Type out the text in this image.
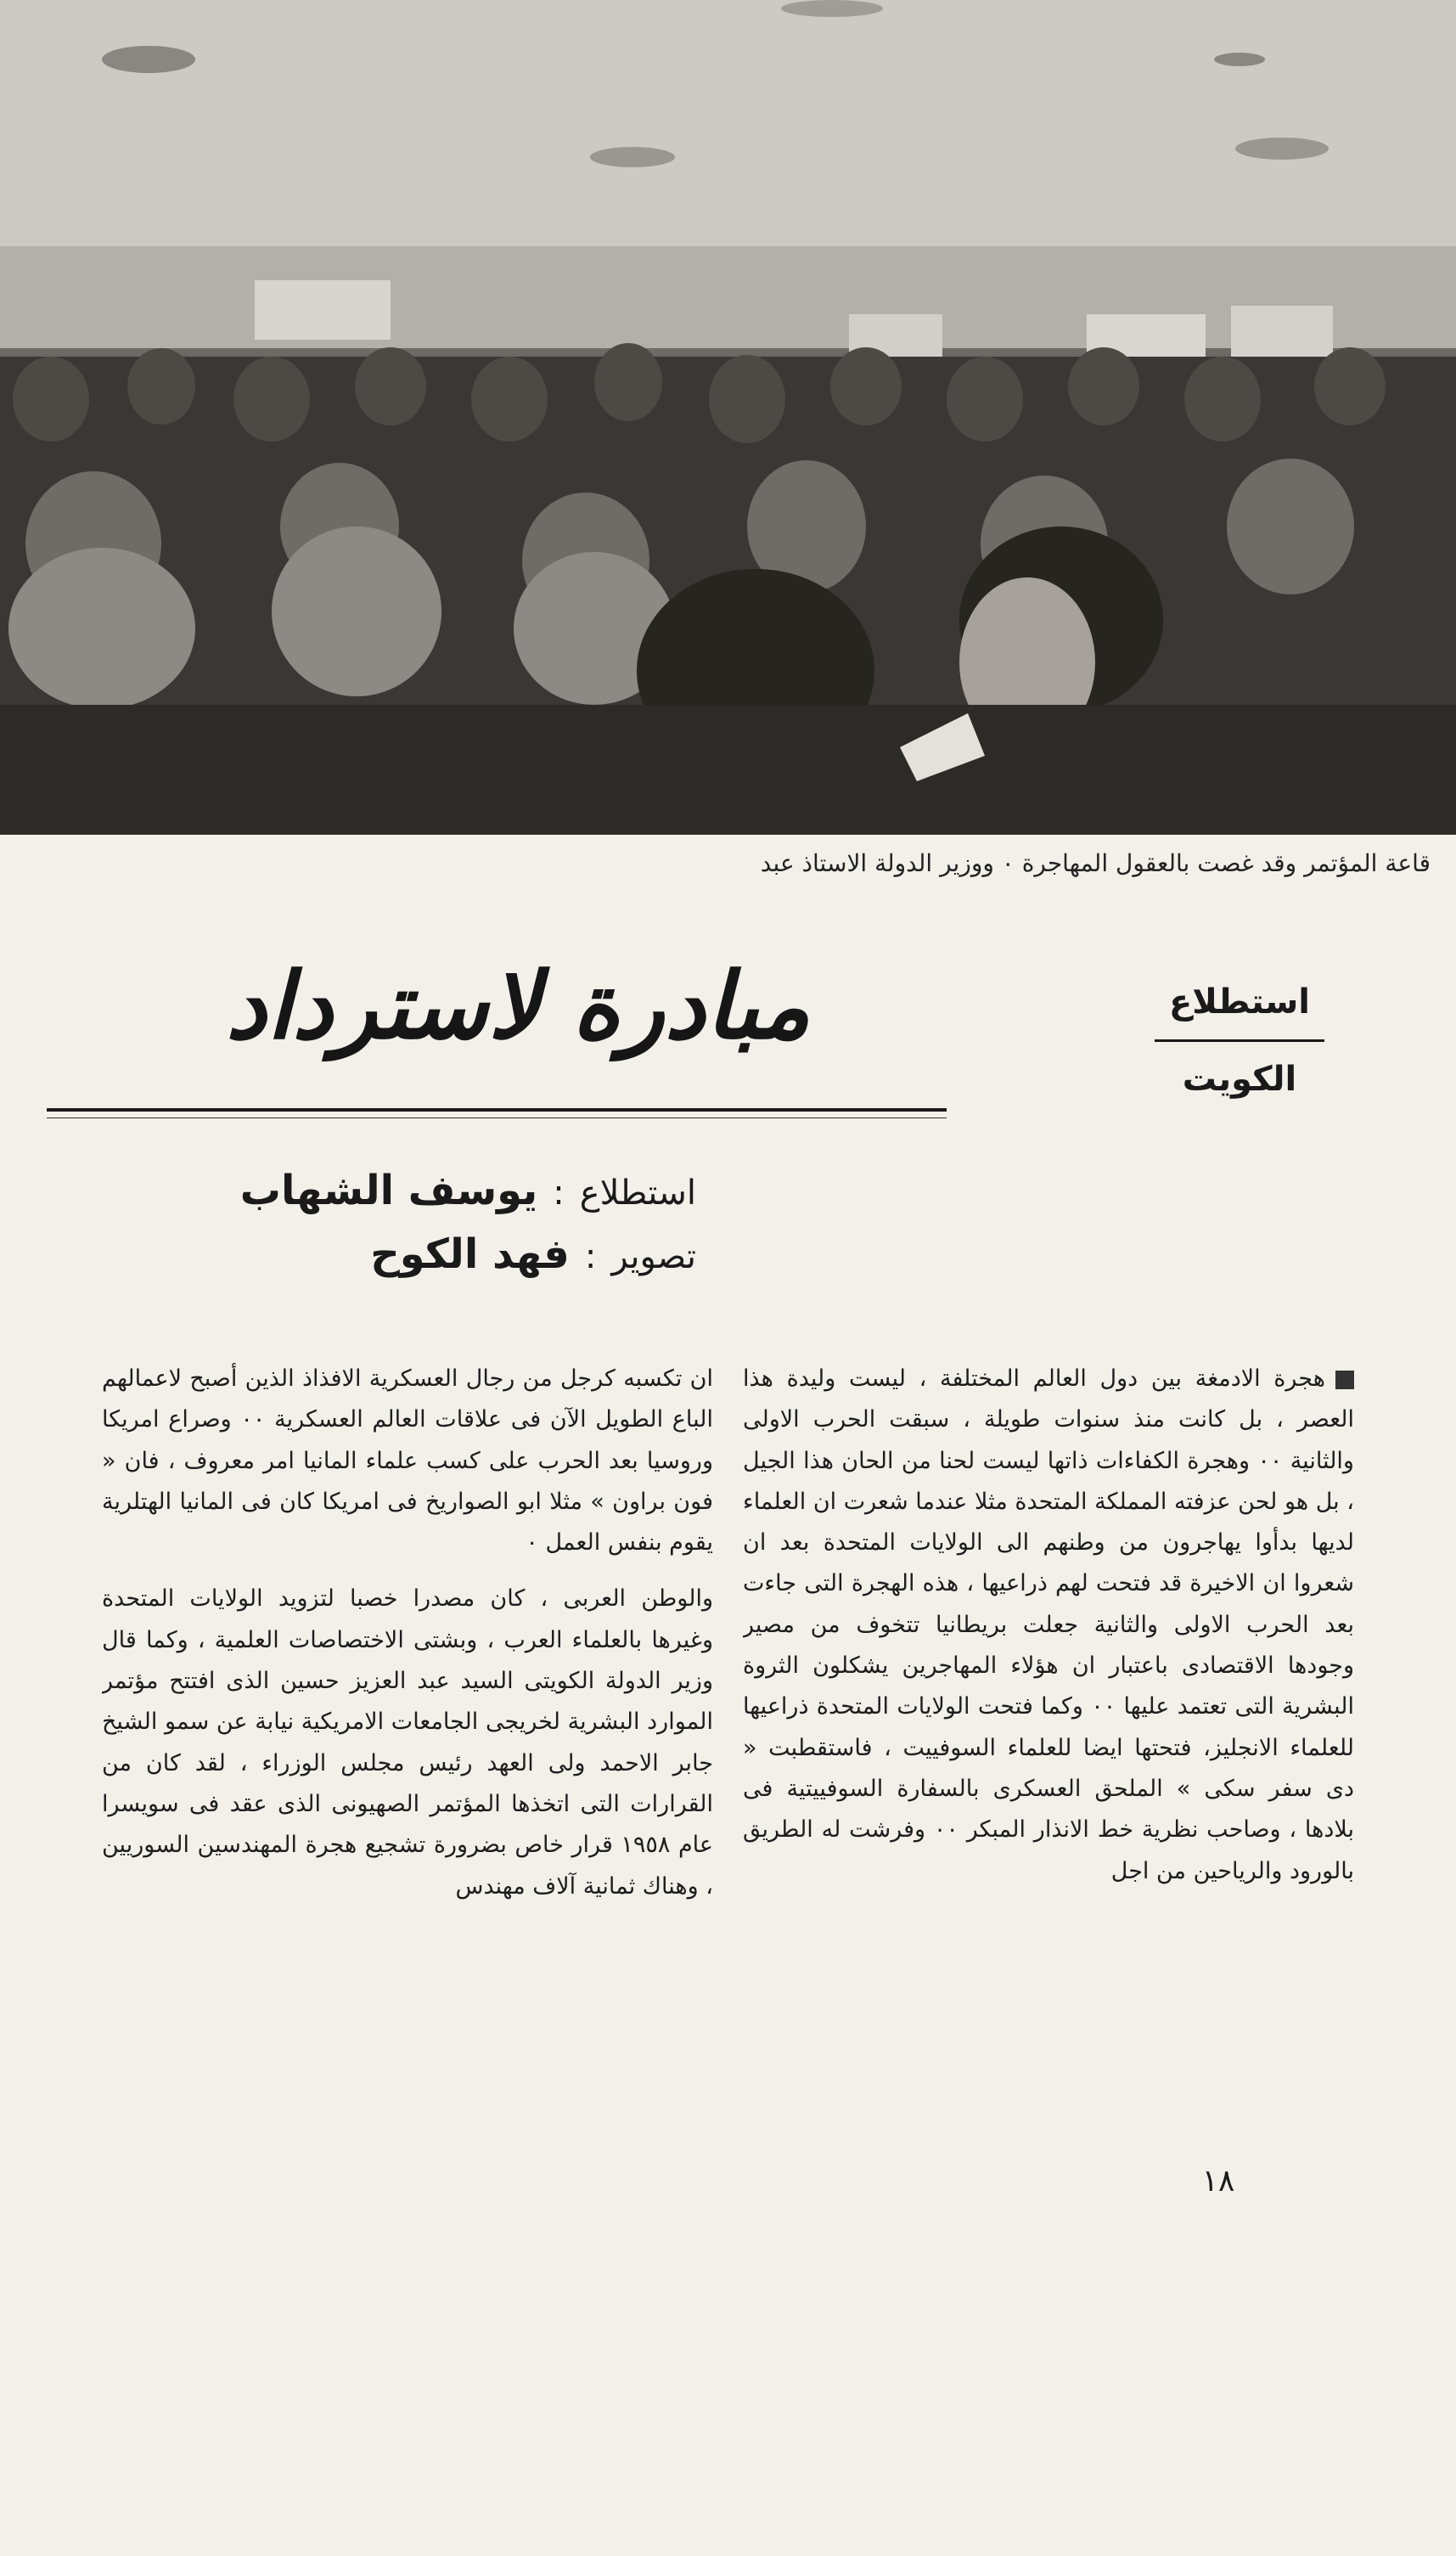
قاعة المؤتمر وقد غصت بالعقول المهاجرة ٠ ووزير الدولة الاستاذ عبد
مبادرة لاسترداد	استطلاع
الكويت
استطلاع:يوسف الشهاب
تصوير:فهد الكوح

هجرة الادمغة بين دول العالم المختلفة ، ليست وليدة هذا العصر ، بل كانت منذ سنوات طويلة ، سبقت الحرب الاولى والثانية ٠٠ وهجرة الكفاءات ذاتها ليست لحنا من الحان هذا الجيل ، بل هو لحن عزفته المملكة المتحدة مثلا عندما شعرت ان العلماء لديها بدأوا يهاجرون من وطنهم الى الولايات المتحدة بعد ان شعروا ان الاخيرة قد فتحت لهم ذراعيها ، هذه الهجرة التى جاءت بعد الحرب الاولى والثانية جعلت بريطانيا تتخوف من مصير وجودها الاقتصادى باعتبار ان هؤلاء المهاجرين يشكلون الثروة البشرية التى تعتمد عليها ٠٠ وكما فتحت الولايات المتحدة ذراعيها للعلماء الانجليز، فتحتها ايضا للعلماء السوفييت ، فاستقطبت « دى سفر سكى » الملحق العسكرى بالسفارة السوفييتية فى بلادها ، وصاحب نظرية خط الانذار المبكر ٠٠ وفرشت له الطريق بالورود والرياحين من اجل

ان تكسبه كرجل من رجال العسكرية الافذاذ الذين أصبح لاعمالهم الباع الطويل الآن فى علاقات العالم العسكرية ٠٠ وصراع امريكا وروسيا بعد الحرب على كسب علماء المانيا امر معروف ، فان « فون براون » مثلا ابو الصواريخ فى امريكا كان فى المانيا الهتلرية يقوم بنفس العمل ٠

والوطن العربى ، كان مصدرا خصبا لتزويد الولايات المتحدة وغيرها بالعلماء العرب ، وبشتى الاختصاصات العلمية ، وكما قال وزير الدولة الكويتى السيد عبد العزيز حسين الذى افتتح مؤتمر الموارد البشرية لخريجى الجامعات الامريكية نيابة عن سمو الشيخ جابر الاحمد ولى العهد رئيس مجلس الوزراء ، لقد كان من القرارات التى اتخذها المؤتمر الصهيونى الذى عقد فى سويسرا عام ١٩٥٨ قرار خاص بضرورة تشجيع هجرة المهندسين السوريين ، وهناك ثمانية آلاف مهندس

١٨
